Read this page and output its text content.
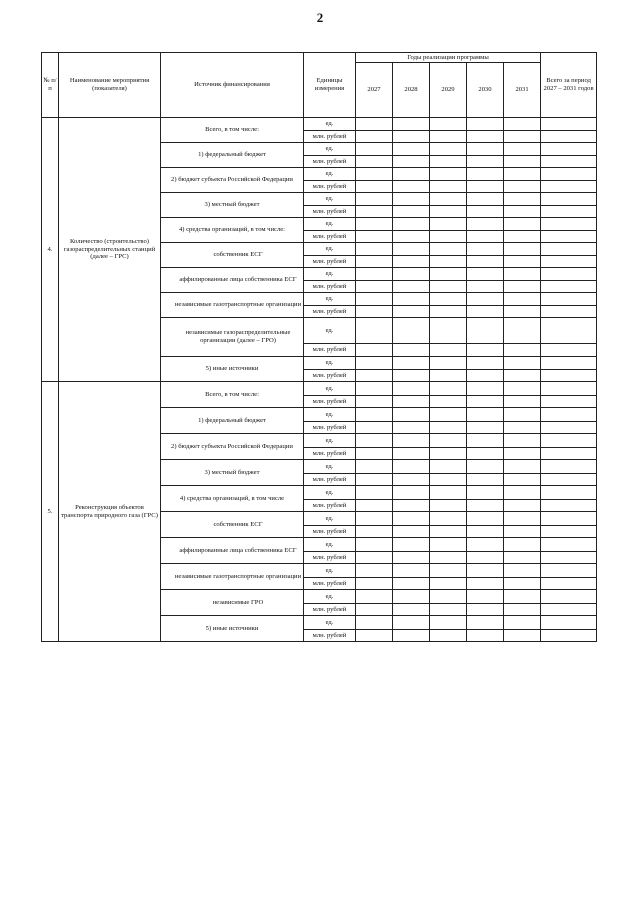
2
№ п/п	Наименование мероприятия (показателя)	Источник финансирования	Единицы измерения	Годы реализации программы					Всего за период 2027 – 2031 годов
				2027	2028	2029	2030	2031	
4.	Количество (строительство) газораспределительных станций (далее – ГРС)	Всего, в том числе:	ед.						
			млн. рублей						
		1) федеральный бюджет	ед.						
			млн. рублей						
		2) бюджет субъекта Российской Федерации	ед.						
			млн. рублей						
		3) местный бюджет	ед.						
			млн. рублей						
		4) средства организаций, в том числе:	ед.						
			млн. рублей						
		собственник ЕСГ	ед.						
			млн. рублей						
		аффилированные лица собственника ЕСГ	ед.						
			млн. рублей						
		независимые газотранспортные организации	ед.						
			млн. рублей						
		независимые газораспределительные организации (далее – ГРО)	ед.						
			млн. рублей						
		5) иные источники	ед.						
			млн. рублей						
5.	Реконструкция объектов транспорта природного газа (ГРС)	Всего, в том числе:	ед.						
			млн. рублей						
		1) федеральный бюджет	ед.						
			млн. рублей						
		2) бюджет субъекта Российской Федерации	ед.						
			млн. рублей						
		3) местный бюджет	ед.						
			млн. рублей						
		4) средства организаций, в том числе	ед.						
			млн. рублей						
		собственник ЕСГ	ед.						
			млн. рублей						
		аффилированные лица собственника ЕСГ	ед.						
			млн. рублей						
		независимые газотранспортные организации	ед.						
			млн. рублей						
		независимые ГРО	ед.						
			млн. рублей						
		5) иные источники	ед.						
			млн. рублей						
